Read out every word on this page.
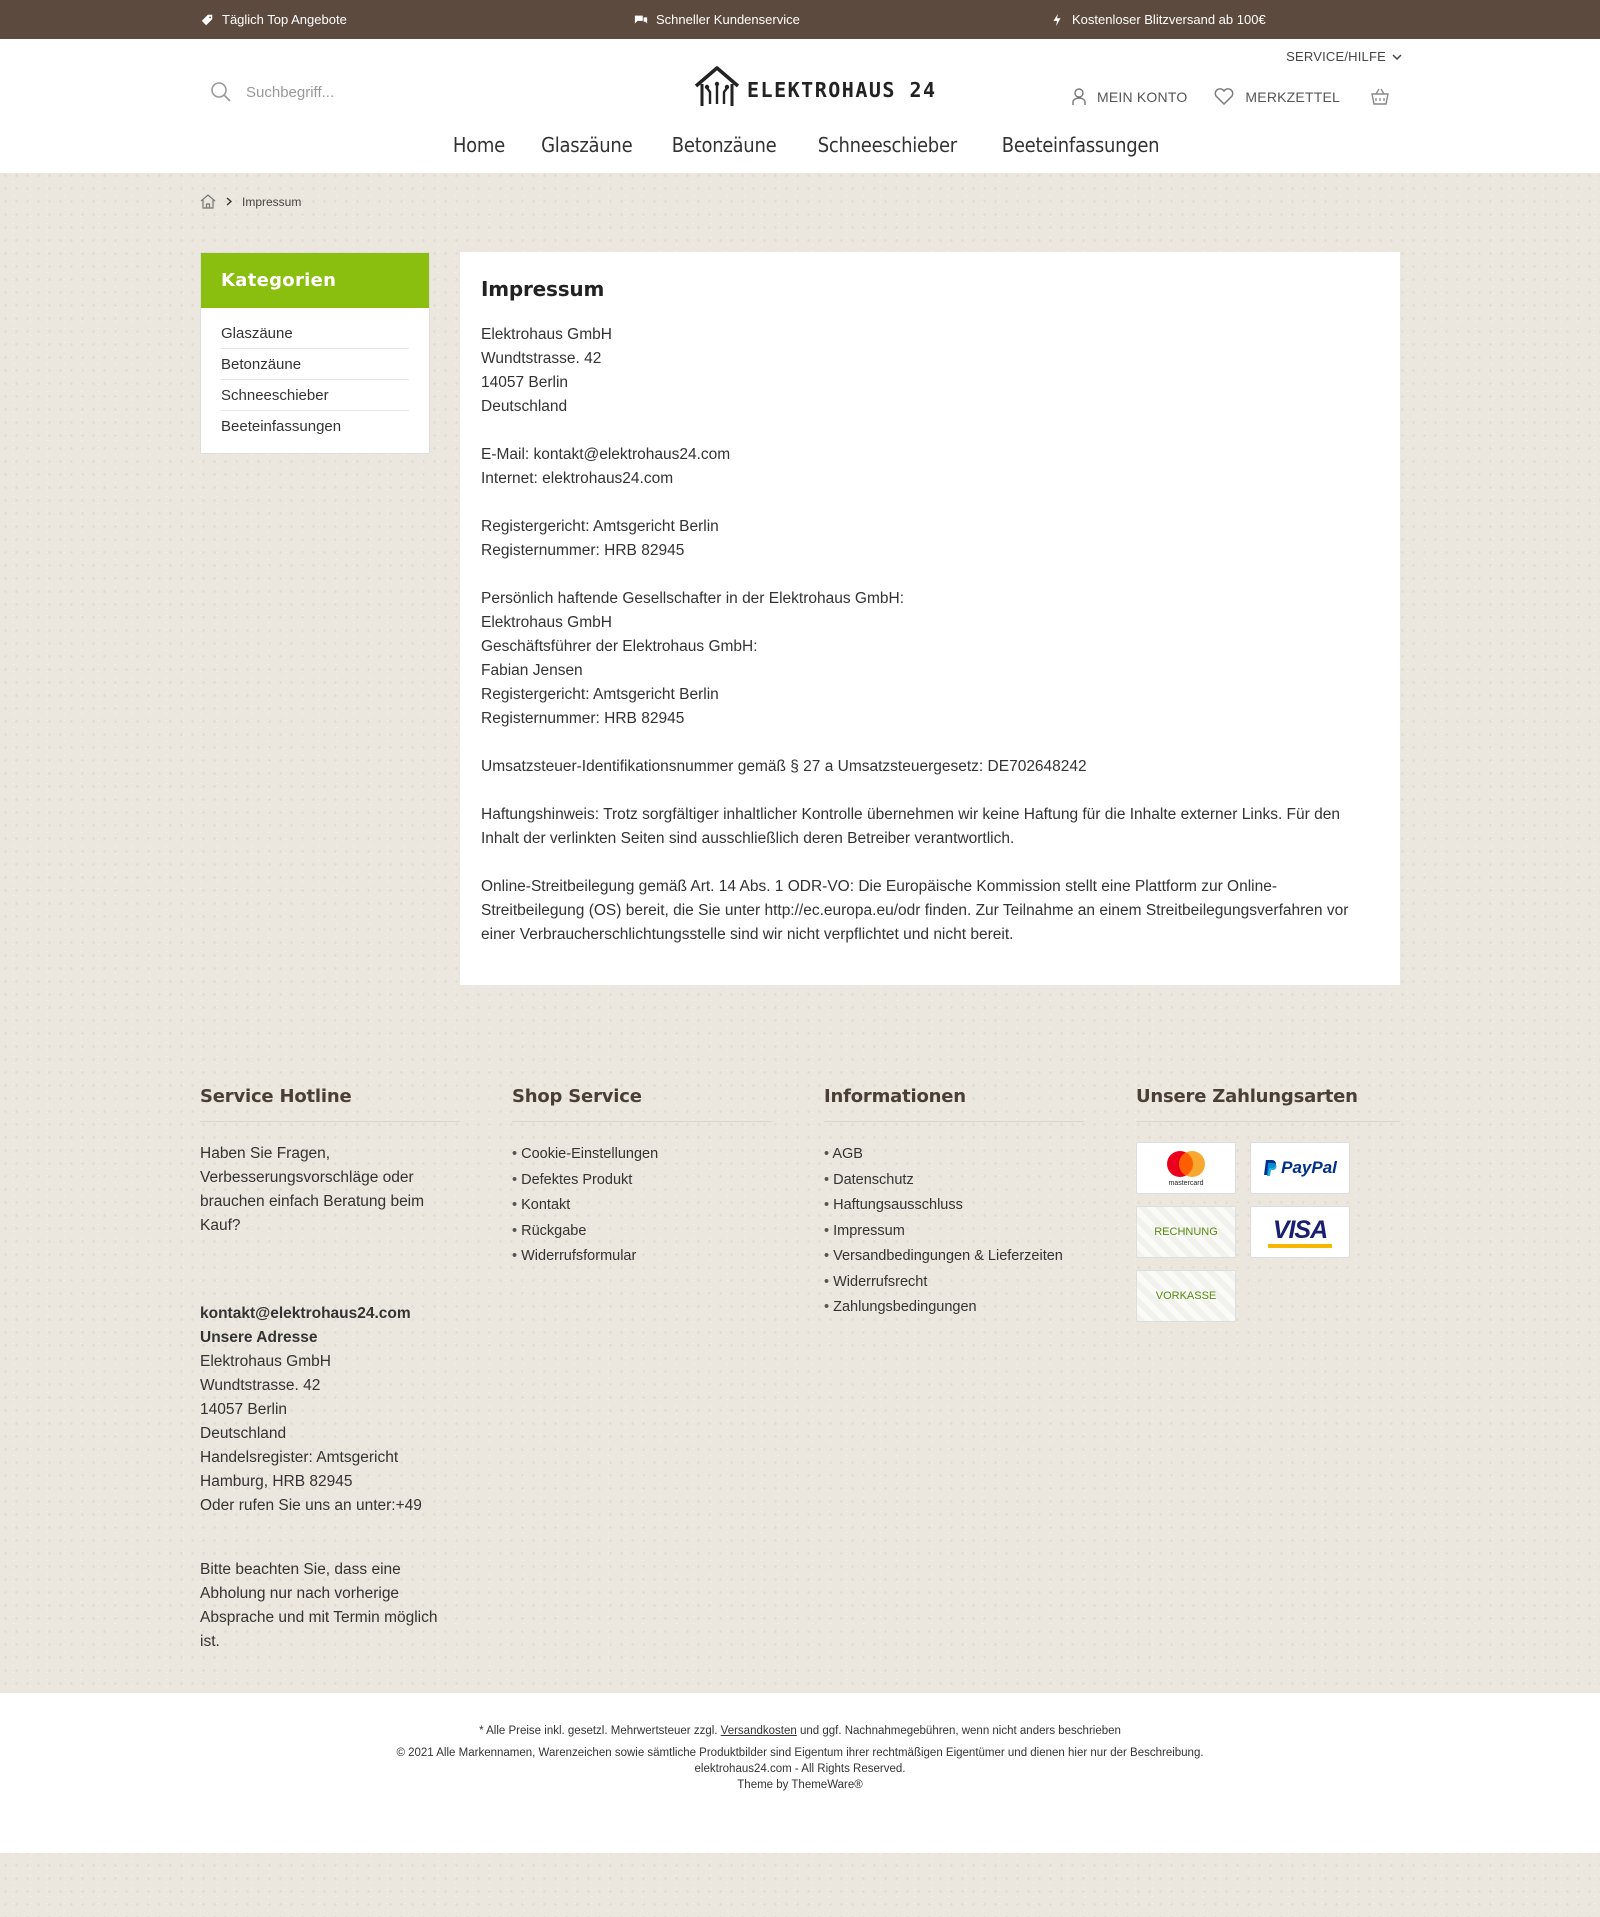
Täglich Top Angebote	Schneller Kundenservice	Kostenloser Blitzversand ab 100€
SERVICE/HILFE
Suchbegriff...
ELEKTROHAUS 24	MEIN KONTO	MERKZETTEL
Home Glaszäune Betonzäune Schneeschieber Beeteinfassungen
Impressum
Kategorien
Glaszäune
Betonzäune
Schneeschieber
Beeteinfassungen
Impressum

Elektrohaus GmbH
Wundtstrasse. 42
14057 Berlin
Deutschland

E-Mail: kontakt@elektrohaus24.com
Internet: elektrohaus24.com

Registergericht: Amtsgericht Berlin
Registernummer: HRB 82945

Persönlich haftende Gesellschafter in der Elektrohaus GmbH:
Elektrohaus GmbH
Geschäftsführer der Elektrohaus GmbH:
Fabian Jensen
Registergericht: Amtsgericht Berlin
Registernummer: HRB 82945

Umsatzsteuer-Identifikationsnummer gemäß § 27 a Umsatzsteuergesetz: DE702648242

Haftungshinweis: Trotz sorgfältiger inhaltlicher Kontrolle übernehmen wir keine Haftung für die Inhalte externer Links. Für den Inhalt der verlinkten Seiten sind ausschließlich deren Betreiber verantwortlich.

Online-Streitbeilegung gemäß Art. 14 Abs. 1 ODR-VO: Die Europäische Kommission stellt eine Plattform zur Online-Streitbeilegung (OS) bereit, die Sie unter http://ec.europa.eu/odr finden. Zur Teilnahme an einem Streitbeilegungsverfahren vor einer Verbraucherschlichtungsstelle sind wir nicht verpflichtet und nicht bereit.

Service Hotline

Haben Sie Fragen, Verbesserungsvorschläge oder brauchen einfach Beratung beim Kauf?

kontakt@elektrohaus24.com
Unsere Adresse
Elektrohaus GmbH
Wundtstrasse. 42
14057 Berlin
Deutschland
Handelsregister: Amtsgericht Hamburg, HRB 82945
Oder rufen Sie uns an unter:+49

Bitte beachten Sie, dass eine Abholung nur nach vorherige Absprache und mit Termin möglich ist.

Shop Service
• Cookie-Einstellungen
• Defektes Produkt
• Kontakt
• Rückgabe
• Widerrufsformular
Informationen
• AGB
• Datenschutz
• Haftungsausschluss
• Impressum
• Versandbedingungen & Lieferzeiten
• Widerrufsrecht
• Zahlungsbedingungen
Unsere Zahlungsarten
mastercard
PayPal
RECHNUNG VISA
VORKASSE
* Alle Preise inkl. gesetzl. Mehrwertsteuer zzgl. Versandkosten und ggf. Nachnahmegebühren, wenn nicht anders beschrieben
© 2021 Alle Markennamen, Warenzeichen sowie sämtliche Produktbilder sind Eigentum ihrer rechtmäßigen Eigentümer und dienen hier nur der Beschreibung.
elektrohaus24.com - All Rights Reserved.
Theme by ThemeWare®
